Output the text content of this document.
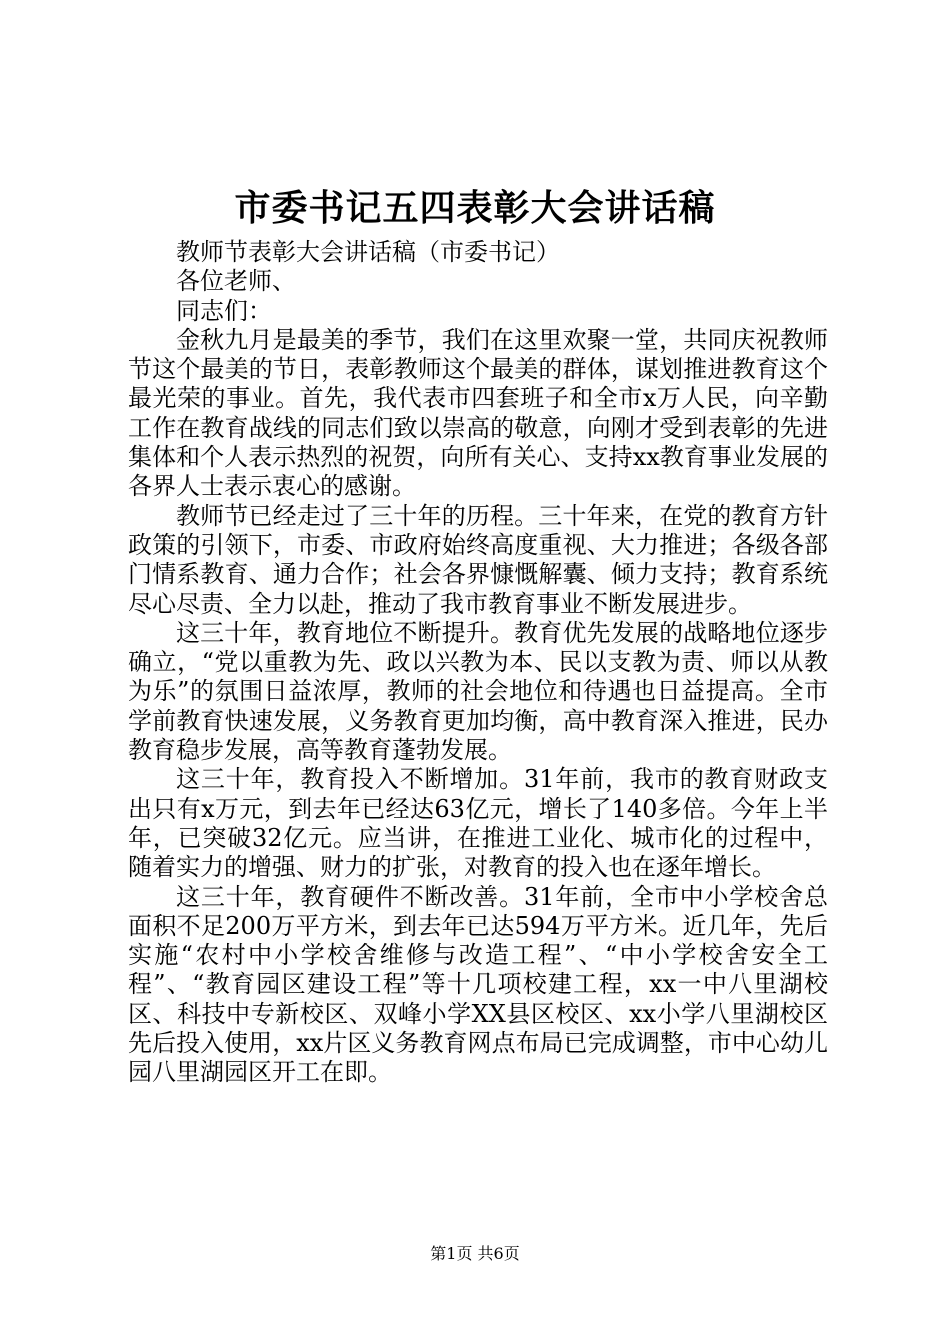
市委书记五四表彰大会讲话稿

教师节表彰大会讲话稿（市委书记）

各位老师、

同志们：

金秋九月是最美的季节，我们在这里欢聚一堂，共同庆祝教师节这个最美的节日，表彰教师这个最美的群体，谋划推进教育这个最光荣的事业。首先，我代表市四套班子和全市x万人民，向辛勤工作在教育战线的同志们致以崇高的敬意，向刚才受到表彰的先进集体和个人表示热烈的祝贺，向所有关心、支持xx教育事业发展的各界人士表示衷心的感谢。

教师节已经走过了三十年的历程。三十年来，在党的教育方针政策的引领下，市委、市政府始终高度重视、大力推进；各级各部门情系教育、通力合作；社会各界慷慨解囊、倾力支持；教育系统尽心尽责、全力以赴，推动了我市教育事业不断发展进步。

这三十年，教育地位不断提升。教育优先发展的战略地位逐步确立，“党以重教为先、政以兴教为本、民以支教为责、师以从教为乐”的氛围日益浓厚，教师的社会地位和待遇也日益提高。全市学前教育快速发展，义务教育更加均衡，高中教育深入推进，民办教育稳步发展，高等教育蓬勃发展。

这三十年，教育投入不断增加。31年前，我市的教育财政支出只有x万元，到去年已经达63亿元，增长了140多倍。今年上半年，已突破32亿元。应当讲，在推进工业化、城市化的过程中，随着实力的增强、财力的扩张，对教育的投入也在逐年增长。

这三十年，教育硬件不断改善。31年前，全市中小学校舍总面积不足200万平方米，到去年已达594万平方米。近几年，先后实施“农村中小学校舍维修与改造工程”、“中小学校舍安全工程”、“教育园区建设工程”等十几项校建工程，xx一中八里湖校区、科技中专新校区、双峰小学XX县区校区、xx小学八里湖校区先后投入使用，xx片区义务教育网点布局已完成调整，市中心幼儿园八里湖园区开工在即。

第1页 共6页
